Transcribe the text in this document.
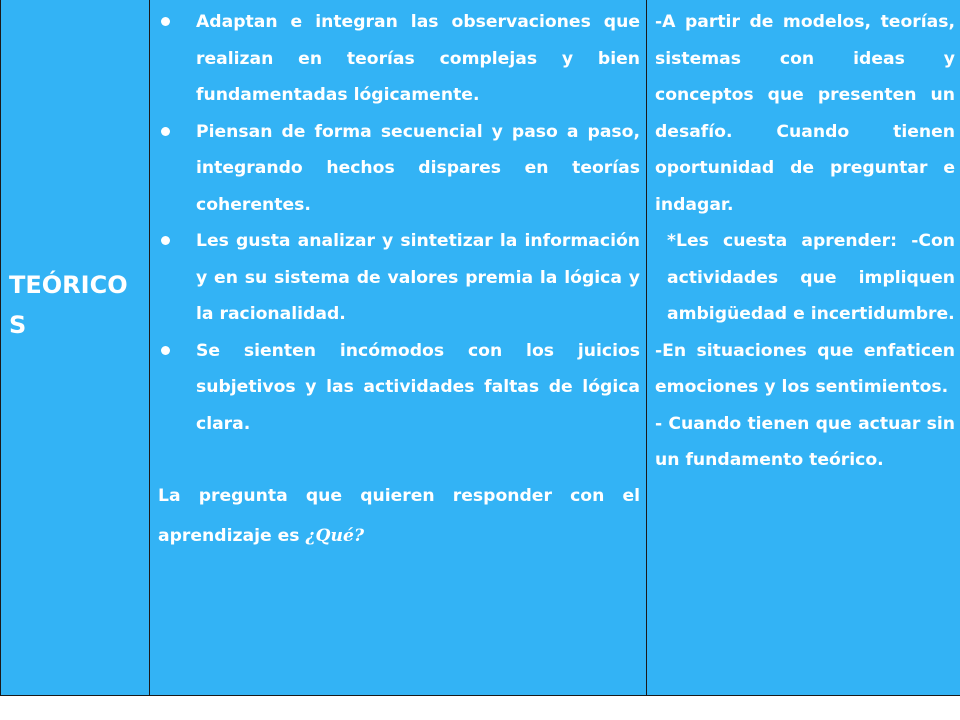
TEÓRICOS
Adaptan e integran las observaciones que realizan en teorías complejas y bien fundamentadas lógicamente.
Piensan de forma secuencial y paso a paso, integrando hechos dispares en teorías coherentes.
Les gusta analizar y sintetizar la información y en su sistema de valores premia la lógica y la racionalidad.
Se sienten incómodos con los juicios subjetivos y las actividades faltas de lógica clara.
La pregunta que quieren responder con el aprendizaje es ¿Qué?

-A partir de modelos, teorías, sistemas con ideas y conceptos que presenten un desafío. Cuando tienen oportunidad de preguntar e indagar.

*Les cuesta aprender: -Con actividades que impliquen ambigüedad e incertidumbre.

-En situaciones que enfaticen emociones y los sentimientos.

- Cuando tienen que actuar sin un fundamento teórico.
